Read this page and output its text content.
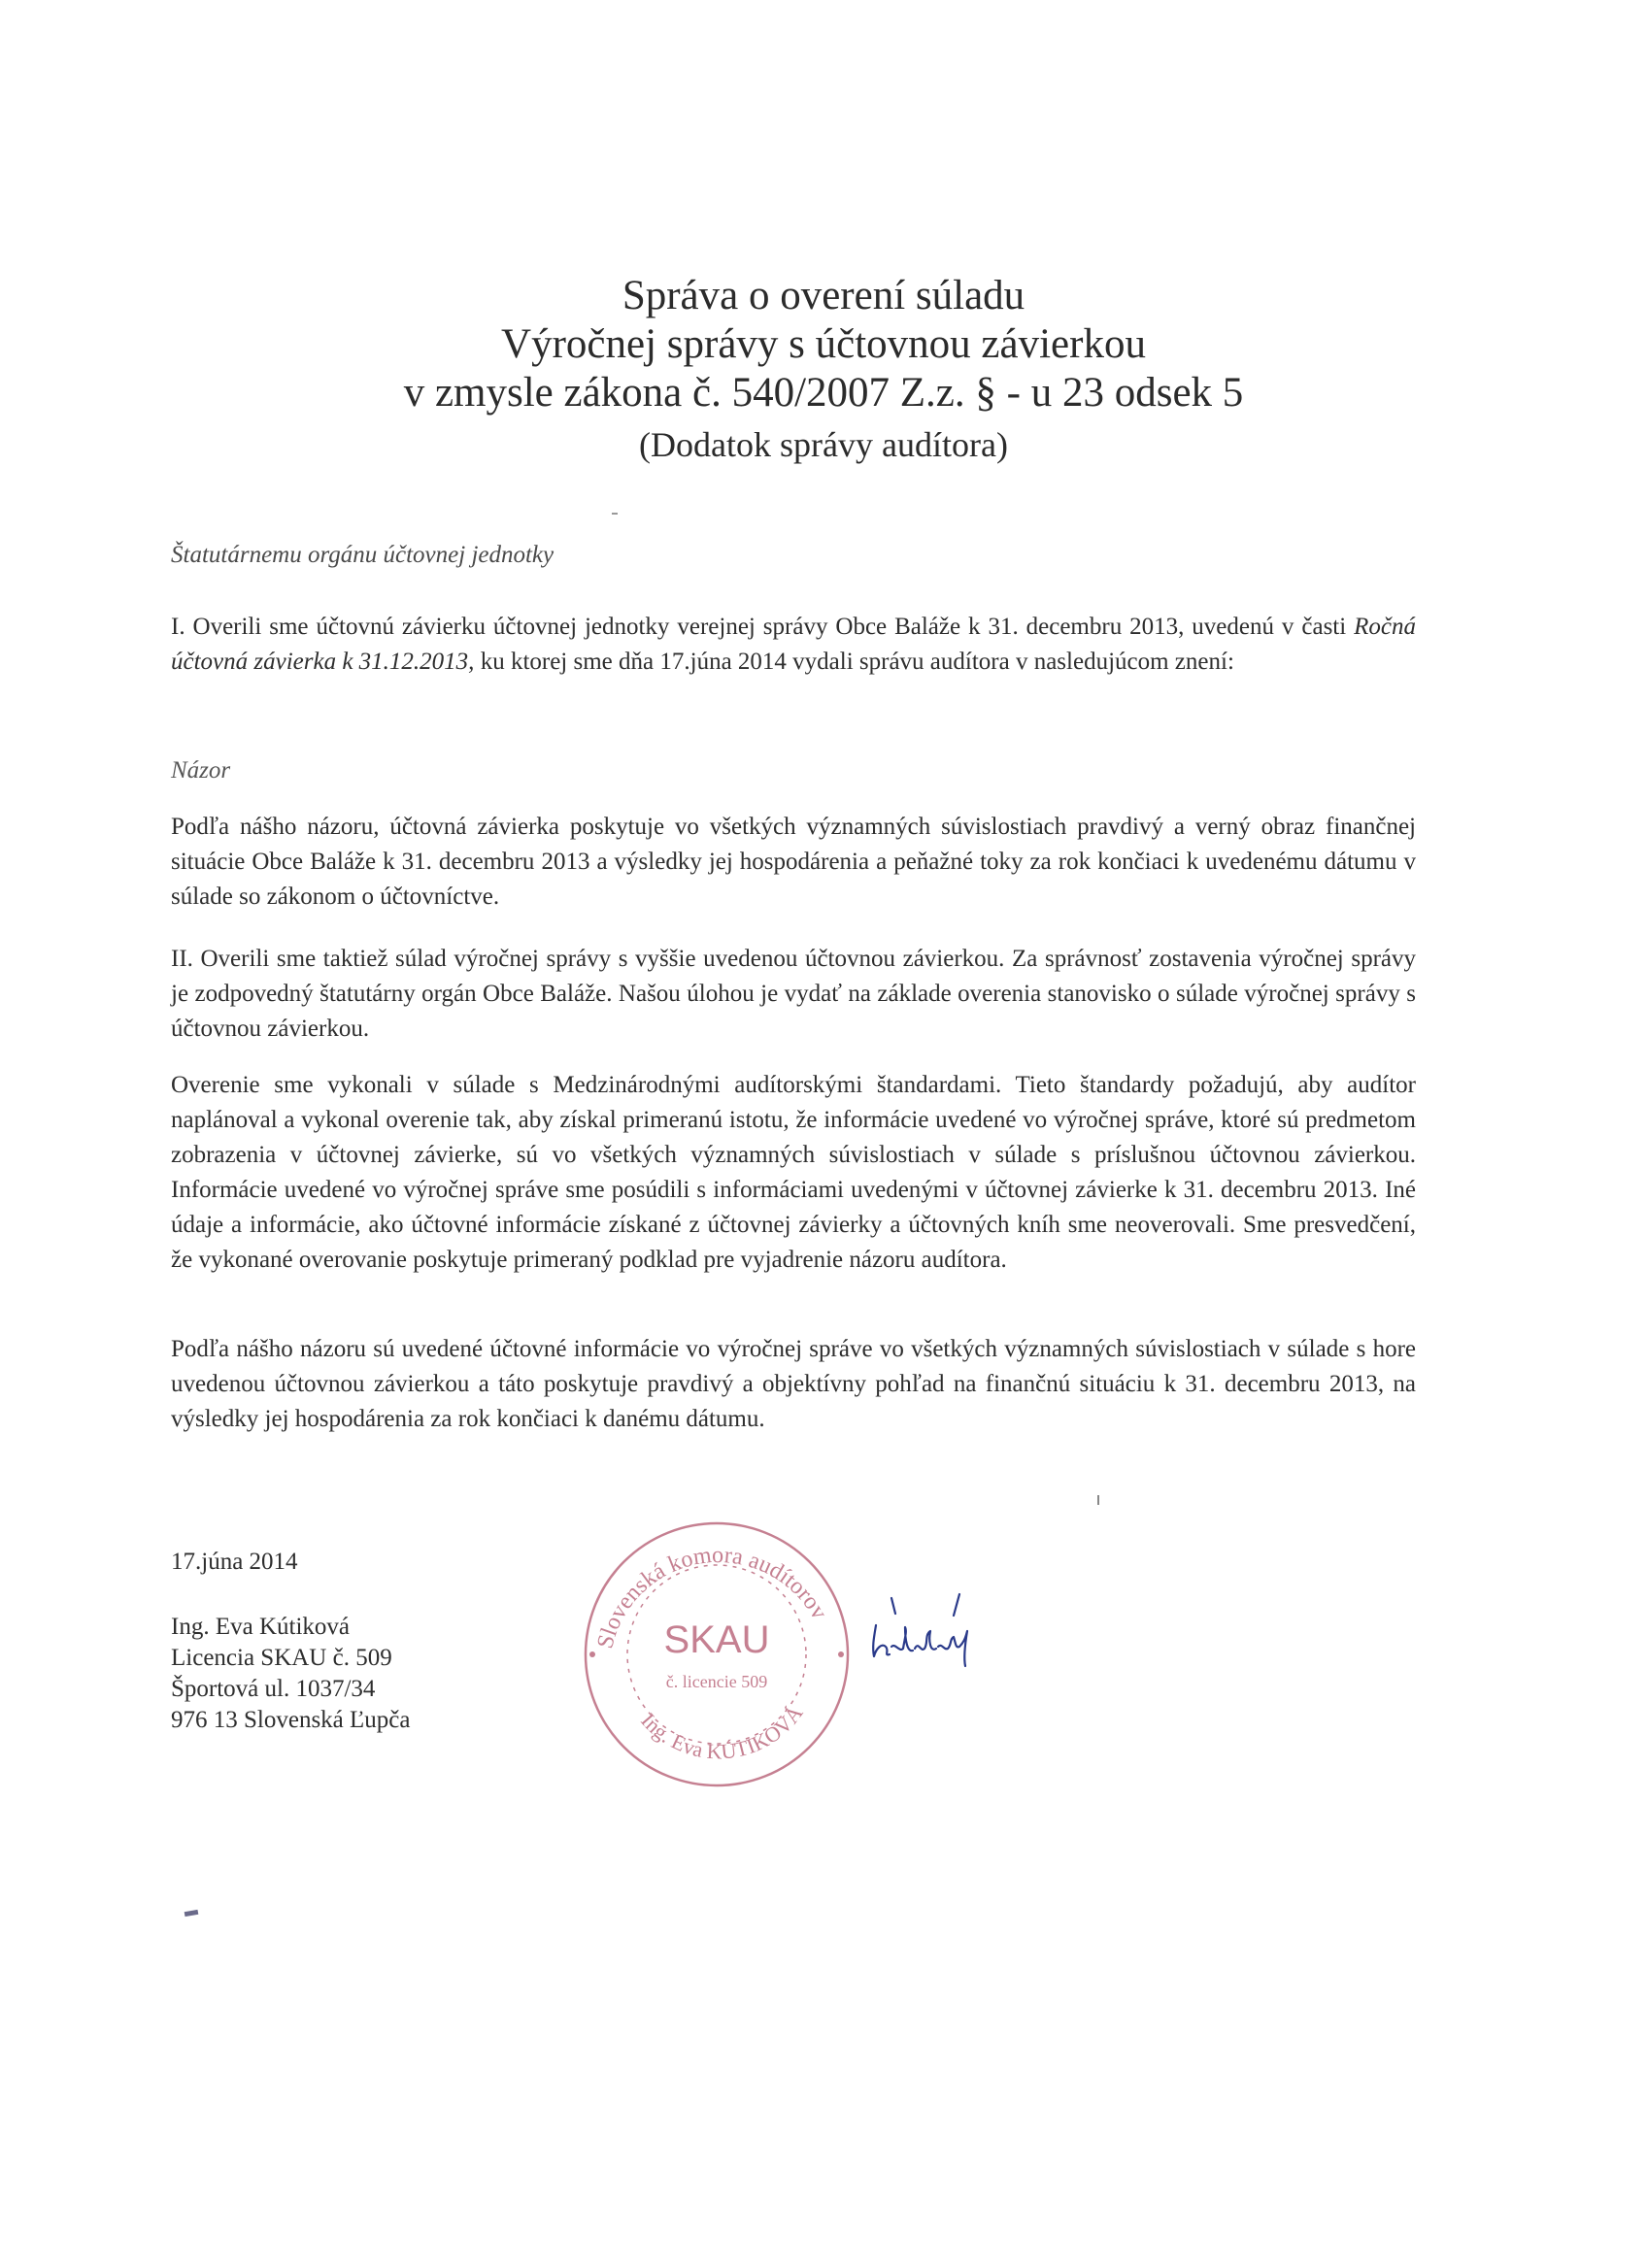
Správa o overení súladu
Výročnej správy s účtovnou závierkou
v zmysle zákona č. 540/2007 Z.z. § - u 23 odsek 5
(Dodatok správy audítora)
Štatutárnemu orgánu účtovnej jednotky
I. Overili sme účtovnú závierku účtovnej jednotky verejnej správy Obce Baláže k 31. decembru 2013, uvedenú v časti Ročná účtovná závierka k 31.12.2013, ku ktorej sme dňa 17.júna 2014 vydali správu audítora v nasledujúcom znení:
Názor
Podľa nášho názoru, účtovná závierka poskytuje vo všetkých významných súvislostiach pravdivý a verný obraz finančnej situácie Obce Baláže k 31. decembru 2013 a výsledky jej hospodárenia a peňažné toky za rok končiaci k uvedenému dátumu v súlade so zákonom o účtovníctve.
II. Overili sme taktiež súlad výročnej správy s vyššie uvedenou účtovnou závierkou. Za správnosť zostavenia výročnej správy je zodpovedný štatutárny orgán Obce Baláže. Našou úlohou je vydať na základe overenia stanovisko o súlade výročnej správy s účtovnou závierkou.
Overenie sme vykonali v súlade s Medzinárodnými audítorskými štandardami. Tieto štandardy požadujú, aby audítor naplánoval a vykonal overenie tak, aby získal primeranú istotu, že informácie uvedené vo výročnej správe, ktoré sú predmetom zobrazenia v účtovnej závierke, sú vo všetkých významných súvislostiach v súlade s príslušnou účtovnou závierkou. Informácie uvedené vo výročnej správe sme posúdili s informáciami uvedenými v účtovnej závierke k 31. decembru 2013. Iné údaje a informácie, ako účtovné informácie získané z účtovnej závierky a účtovných kníh sme neoverovali. Sme presvedčení, že vykonané overovanie poskytuje primeraný podklad pre vyjadrenie názoru audítora.
Podľa nášho názoru sú uvedené účtovné informácie vo výročnej správe vo všetkých významných súvislostiach v súlade s hore uvedenou účtovnou závierkou a táto poskytuje pravdivý a objektívny pohľad na finančnú situáciu k 31. decembru 2013, na výsledky jej hospodárenia za rok končiaci k danému dátumu.
17.júna 2014
Ing. Eva Kútiková
Licencia SKAU č. 509
Športová ul. 1037/34
976 13 Slovenská Ľupča
Slovenská komora audítorov
SKAU
č. licencie 509
Ing. Eva KÚTIKOVÁ
